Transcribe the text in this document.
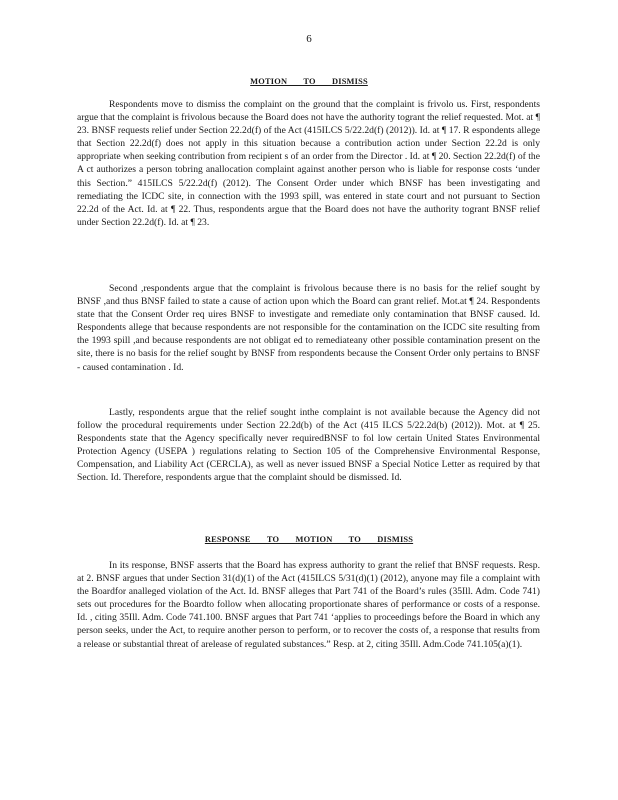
6
MOTION TO DISMISS

Respondents move to dismiss the complaint on the ground that the complaint is frivolo us. First, respondents argue that the complaint is frivolous because the Board does not have the authority togrant the relief requested. Mot. at ¶ 23. BNSF requests relief under Section 22.2d(f) of the Act (415ILCS 5/22.2d(f) (2012)). Id. at ¶ 17. R espondents allege that Section 22.2d(f) does not apply in this situation because a contribution action under Section 22.2d is only appropriate when seeking contribution from recipient s of an order from the Director . Id. at ¶ 20. Section 22.2d(f) of the A ct authorizes a person tobring anallocation complaint against another person who is liable for response costs ‘under this Section.” 415ILCS 5/22.2d(f) (2012). The Consent Order under which BNSF has been investigating and remediating the ICDC site, in connection with the 1993 spill, was entered in state court and not pursuant to Section 22.2d of the Act. Id. at ¶ 22. Thus, respondents argue that the Board does not have the authority togrant BNSF relief under Section 22.2d(f). Id. at ¶ 23.

Second ,respondents argue that the complaint is frivolous because there is no basis for the relief sought by BNSF ,and thus BNSF failed to state a cause of action upon which the Board can grant relief. Mot.at ¶ 24. Respondents state that the Consent Order req uires BNSF to investigate and remediate only contamination that BNSF caused. Id. Respondents allege that because respondents are not responsible for the contamination on the ICDC site resulting from the 1993 spill ,and because respondents are not obligat ed to remediateany other possible contamination present on the site, there is no basis for the relief sought by BNSF from respondents because the Consent Order only pertains to BNSF - caused contamination . Id.

Lastly, respondents argue that the relief sought inthe complaint is not available because the Agency did not follow the procedural requirements under Section 22.2d(b) of the Act (415 ILCS 5/22.2d(b) (2012)). Mot. at ¶ 25. Respondents state that the Agency specifically never requiredBNSF to fol low certain United States Environmental Protection Agency (USEPA ) regulations relating to Section 105 of the Comprehensive Environmental Response, Compensation, and Liability Act (CERCLA), as well as never issued BNSF a Special Notice Letter as required by that Section. Id. Therefore, respondents argue that the complaint should be dismissed. Id.

RESPONSE TO MOTION TO DISMISS

In its response, BNSF asserts that the Board has express authority to grant the relief that BNSF requests. Resp. at 2. BNSF argues that under Section 31(d)(1) of the Act (415ILCS 5/31(d)(1) (2012), anyone may file a complaint with the Boardfor analleged violation of the Act. Id. BNSF alleges that Part 741 of the Board’s rules (35Ill. Adm. Code 741) sets out procedures for the Boardto follow when allocating proportionate shares of performance or costs of a response. Id. , citing 35Ill. Adm. Code 741.100. BNSF argues that Part 741 ‘applies to proceedings before the Board in which any person seeks, under the Act, to require another person to perform, or to recover the costs of, a response that results from a release or substantial threat of arelease of regulated substances.” Resp. at 2, citing 35Ill. Adm.Code 741.105(a)(1).
